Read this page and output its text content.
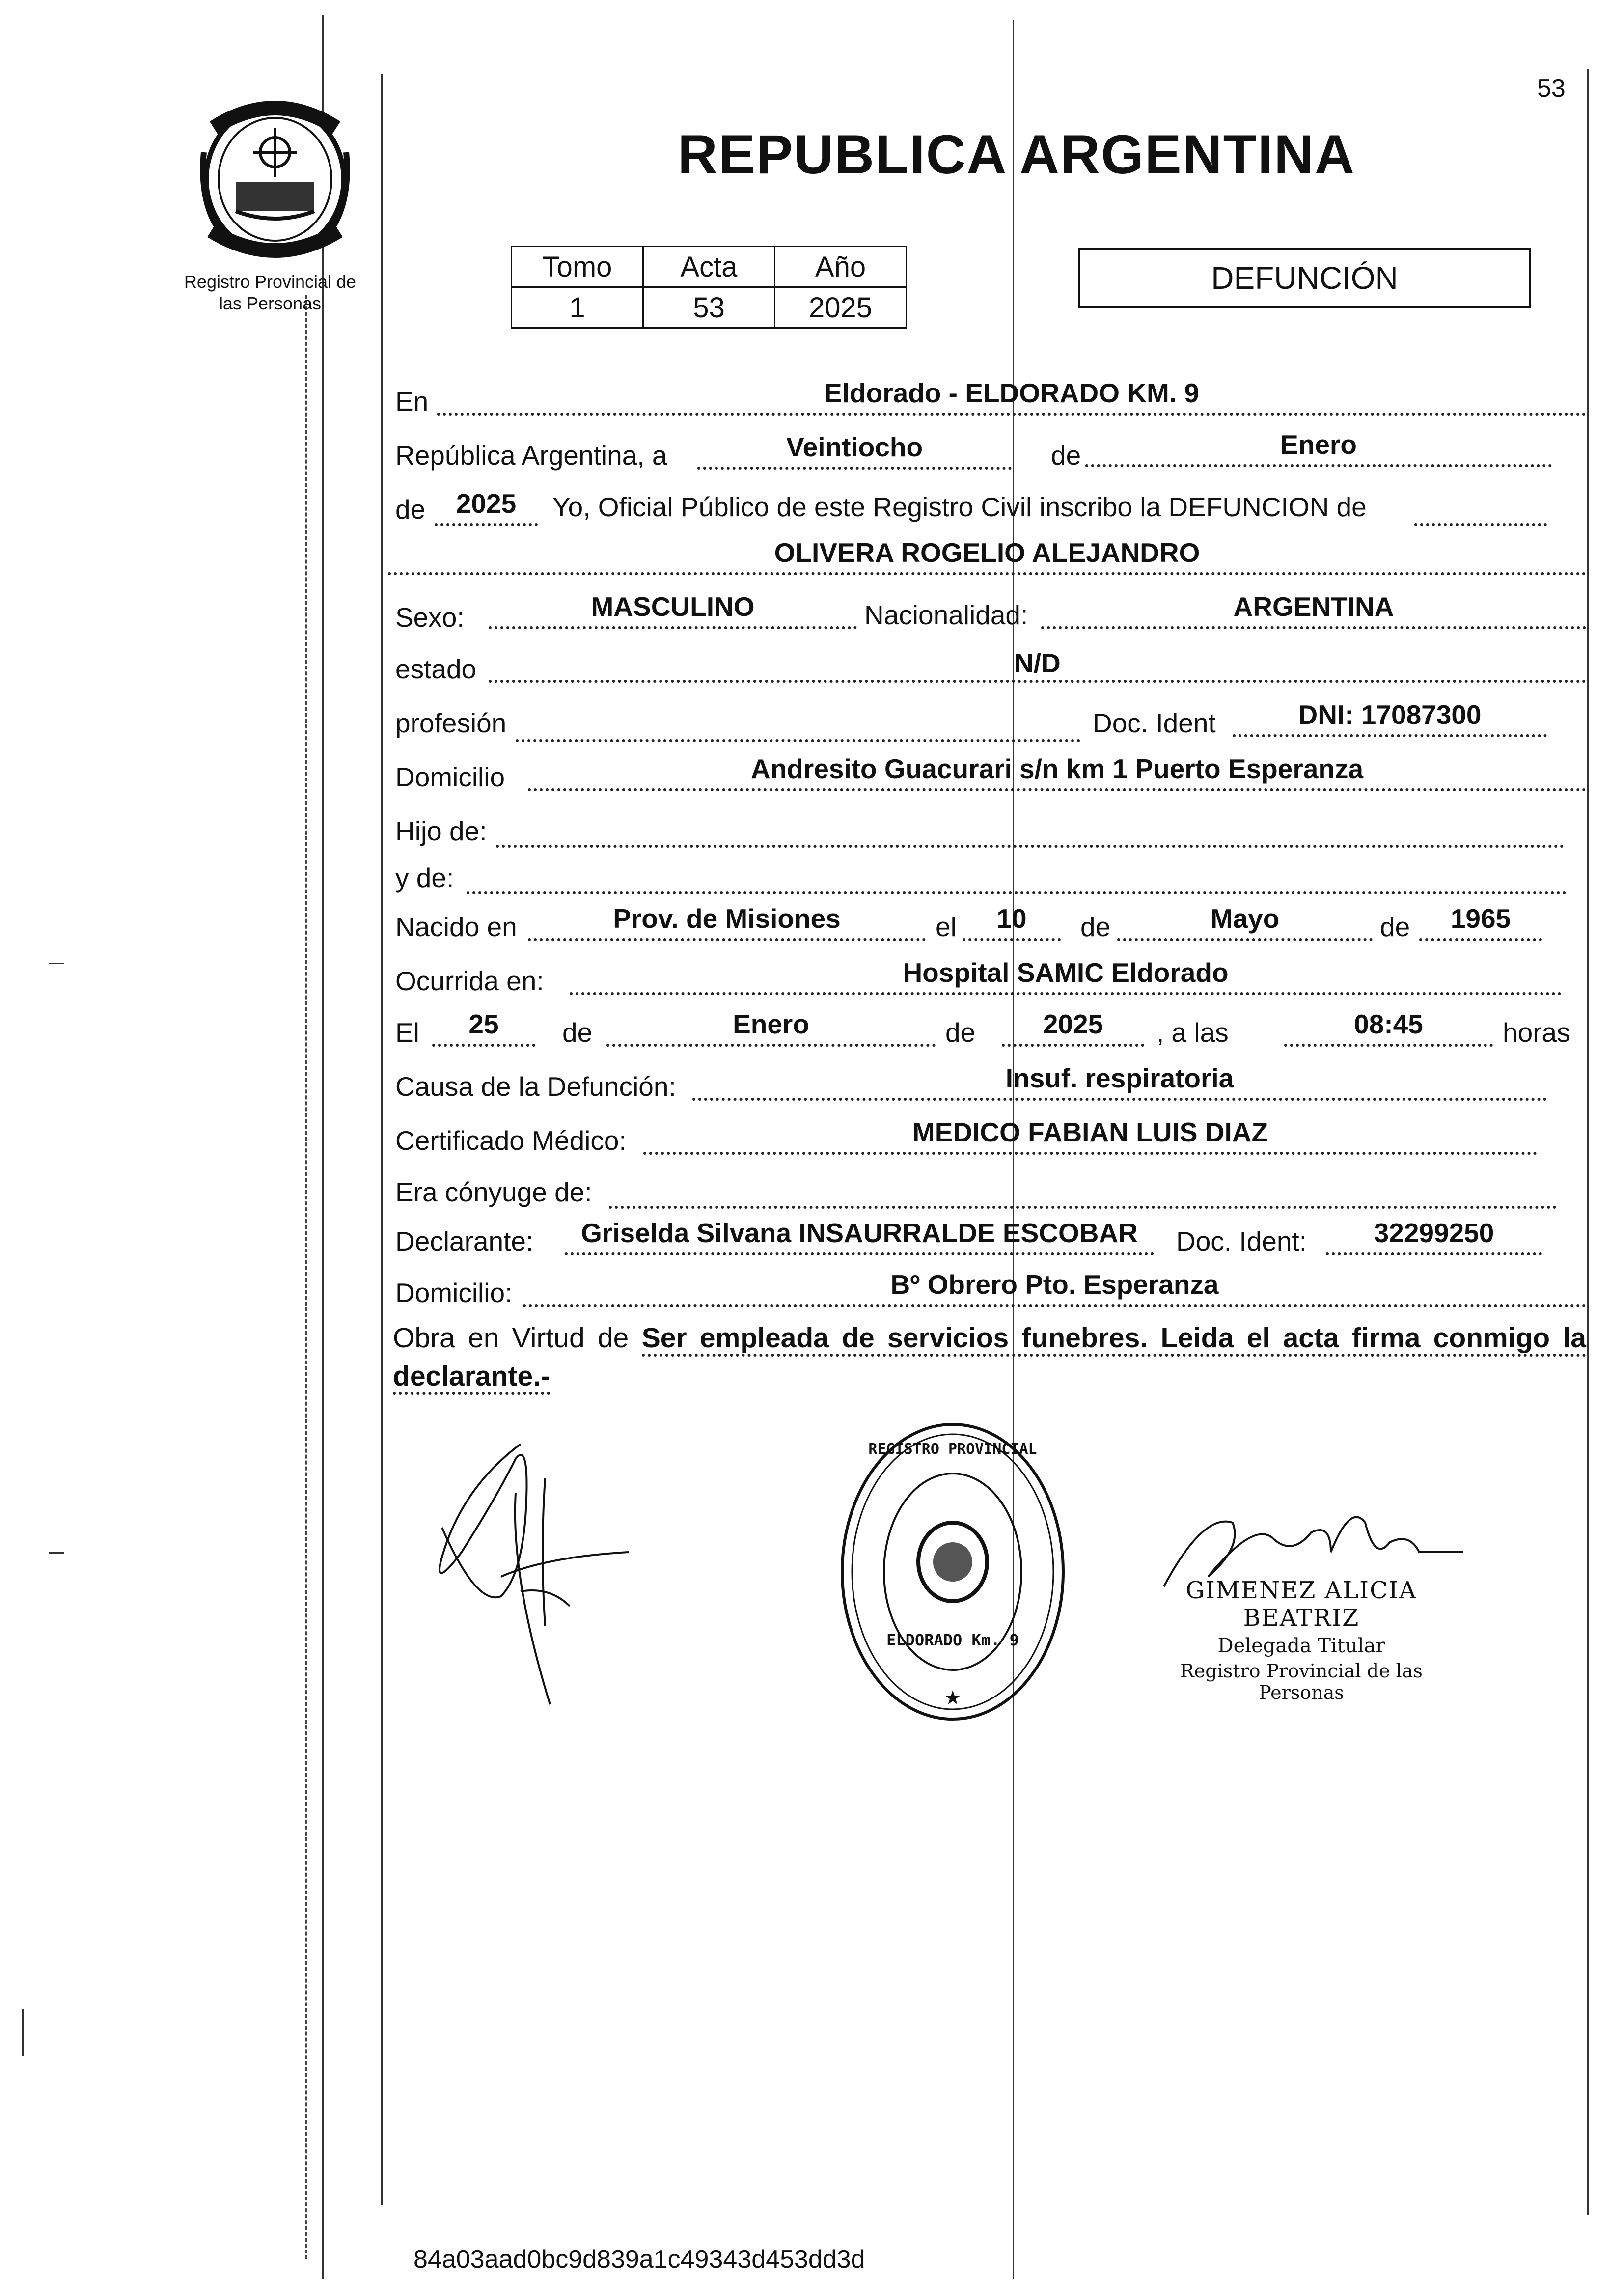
53
Registro Provincial de
las Personas
REPUBLICA ARGENTINA
Tomo	Acta	Año
1	53	2025
DEFUNCIÓN
En	Eldorado - ELDORADO KM. 9
República Argentina, a	Veintiocho	de	Enero
de	2025	Yo, Oficial Público de este Registro Civil inscribo la DEFUNCION de
OLIVERA ROGELIO ALEJANDRO
Sexo:	MASCULINO	Nacionalidad:	ARGENTINA
estado	N/D
profesión	Doc. Ident	DNI: 17087300
Domicilio	Andresito Guacurari s/n km 1 Puerto Esperanza
Hijo de:
y de:
Nacido en	Prov. de Misiones	el	10	de	Mayo	de	1965
Ocurrida en:	Hospital SAMIC Eldorado
El	25	de	Enero	de	2025	, a las	08:45	horas
Causa de la Defunción:	Insuf. respiratoria
Certificado Médico:	MEDICO FABIAN LUIS DIAZ
Era cónyuge de:
Declarante:	Griselda Silvana INSAURRALDE ESCOBAR	Doc. Ident:	32299250
Domicilio:	Bº Obrero Pto. Esperanza
Obra en Virtud de Ser empleada de servicios funebres. Leida el acta firma conmigo la declarante.-
REGISTRO PROVINCIAL
ELDORADO Km. 9
★
GIMENEZ ALICIA BEATRIZ
Delegada Titular
Registro Provincial de las Personas
84a03aad0bc9d839a1c49343d453dd3d
